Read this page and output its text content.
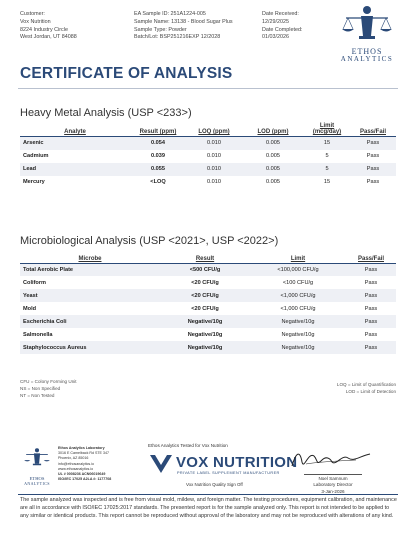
Customer:
Vox Nutrition
8224 Industry Circle
West Jordan, UT 84088
EA Sample ID: 251A1224-005
Sample Name: 13138 - Blood Sugar Plus
Sample Type: Powder
Batch/Lot: BSP251216EXP 12/2028
Date Received:
12/29/2025
Date Completed:
01/03/2026
ETHOS
ANALYTICS
CERTIFICATE OF ANALYSIS
Heavy Metal Analysis (USP <233>)
Analyte	Result (ppm)	LOQ (ppm)	LOD (ppm)	Limit
(mcg/day)	Pass/Fail
Arsenic	0.054	0.010	0.005	15	Pass
Cadmium	0.039	0.010	0.005	5	Pass
Lead	0.055	0.010	0.005	5	Pass
Mercury	<LOQ	0.010	0.005	15	Pass
Microbiological Analysis (USP <2021>, USP <2022>)
Microbe	Result	Limit	Pass/Fail
Total Aerobic Plate	<500 CFU/g	<100,000 CFU/g	Pass
Coliform	<20 CFU/g	<100 CFU/g	Pass
Yeast	<20 CFU/g	<1,000 CFU/g	Pass
Mold	<20 CFU/g	<1,000 CFU/g	Pass
Escherichia Coli	Negative/10g	Negative/10g	Pass
Salmonella	Negative/10g	Negative/10g	Pass
Staphylococcus Aureus	Negative/10g	Negative/10g	Pass
CFU = Colony Forming Unit
NS = Non Specified
NT = Non Tested
LOQ = Limit of Quantification
LOD = Limit of Detection
ETHOS
ANALYTICS
Ethos Analytics Laboratory
3016 E Camelback Rd STE 347
Phoenix, AZ 85016
info@ethosanalytics.io
www.ethosanalytics.io
UL # 0008236 ACN06019649
ISO/IEC 17025 A2LA #: 1177708
Ethos Analytics Tested for Vox Nutrition
VOX NUTRITION
PRIVATE LABEL SUPPLEMENT MANUFACTURER
Vox Nutrition Quality Sign Off
Noel Samnum
Laboratory Director
3-Jan-2026
The sample analyzed was inspected and is free from visual mold, mildew, and foreign matter. The testing procedures, equipment calibration, and maintenance are all in accordance with ISO/IEC 17025:2017 standards. The presented report is for the sample analyzed only. This report is not intended to be applied to any similar or identical products. This report cannot be reproduced without approval of the laboratory and may not be reproduced with alterations of any kind.
